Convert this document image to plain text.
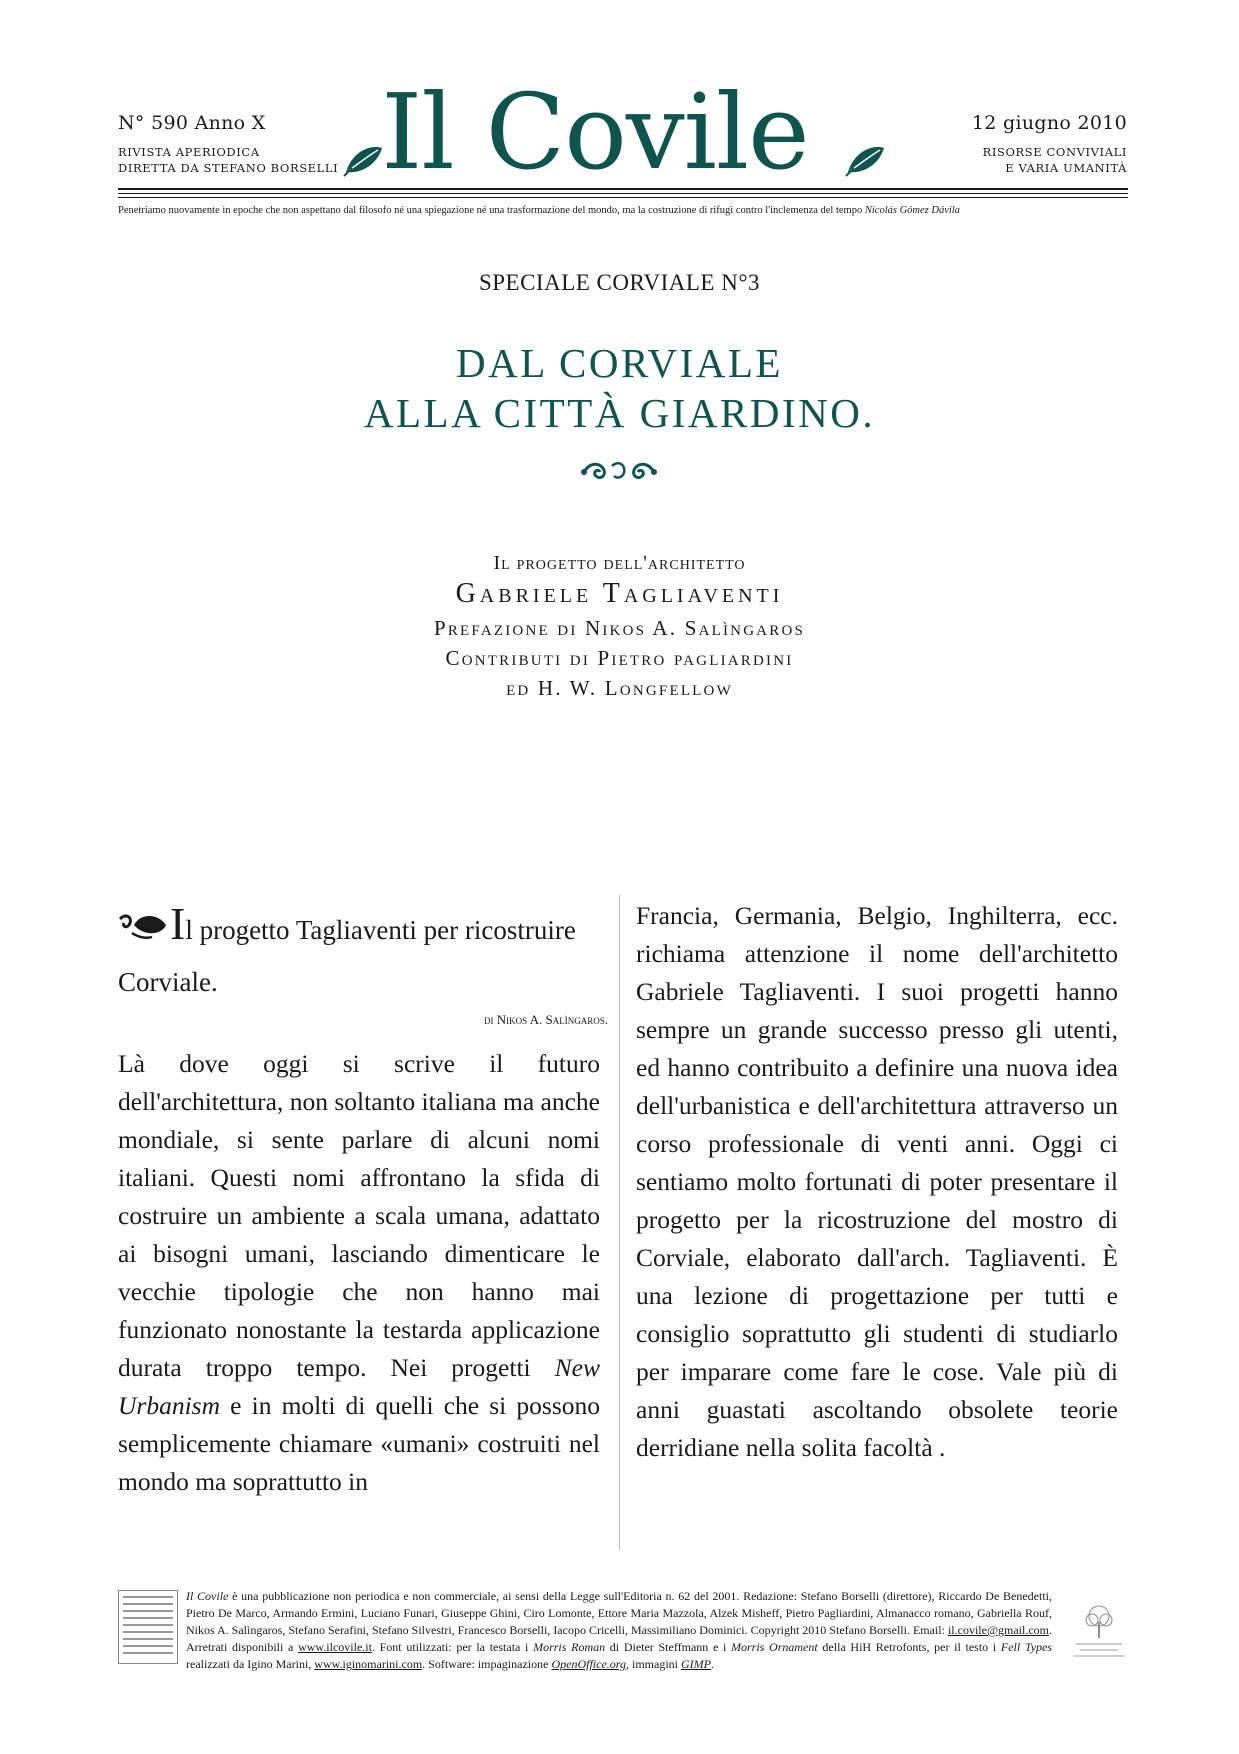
N° 590 Anno X
RIVISTA APERIODICA
DIRETTA DA STEFANO BORSELLI Il Covile	12 giugno 2010
RISORSE CONVIVIALI
E VARIA UMANITÀ
Penetriamo nuovamente in epoche che non aspettano dal filosofo né una spiegazione né una trasformazione del mondo, ma la costruzione di rifugi contro l'inclemenza del tempo Nicolás Gómez Dávila
SPECIALE CORVIALE N°3
DAL CORVIALE
ALLA CITTÀ GIARDINO.
Il progetto dell'architetto
Gabriele Tagliaventi
Prefazione di Nikos A. Salìngaros
Contributi di Pietro pagliardini
ed H. W. Longfellow
Il progetto Tagliaventi per ricostruire Corviale.
di Nikos A. Salìngaros.
Là dove oggi si scrive il futuro dell'architettura, non soltanto italiana ma anche mondiale, si sente parlare di alcuni nomi italiani. Questi nomi affrontano la sfida di costruire un ambiente a scala umana, adattato ai bisogni umani, lasciando dimenticare le vecchie tipologie che non hanno mai funzionato nonostante la testarda applicazione durata troppo tempo. Nei progetti New Urbanism e in molti di quelli che si possono semplicemente chiamare «umani» costruiti nel mondo ma soprattutto in
Francia, Germania, Belgio, Inghilterra, ecc. richiama attenzione il nome dell'architetto Gabriele Tagliaventi. I suoi progetti hanno sempre un grande successo presso gli utenti, ed hanno contribuito a definire una nuova idea dell'urbanistica e dell'architettura attraverso un corso professionale di venti anni. Oggi ci sentiamo molto fortunati di poter presentare il progetto per la ricostruzione del mostro di Corviale, elaborato dall'arch. Tagliaventi. È una lezione di progettazione per tutti e consiglio soprattutto gli studenti di studiarlo per imparare come fare le cose. Vale più di anni guastati ascoltando obsolete teorie derridiane nella solita facoltà .
Il Covile è una pubblicazione non periodica e non commerciale, ai sensi della Legge sull'Editoria n. 62 del 2001. Redazione: Stefano Borselli (direttore), Riccardo De Benedetti, Pietro De Marco, Armando Ermini, Luciano Funari, Giuseppe Ghini, Ciro Lomonte, Ettore Maria Mazzola, Alzek Misheff, Pietro Pagliardini, Almanacco romano, Gabriella Rouf, Nikos A. Salìngaros, Stefano Serafini, Stefano Silvestri, Francesco Borselli, Iacopo Cricelli, Massimiliano Dominici. Copyright 2010 Stefano Borselli. Email: il.covile@gmail.com. Arretrati disponibili a www.ilcovile.it. Font utilizzati: per la testata i Morris Roman di Dieter Steffmann e i Morris Ornament della HiH Retrofonts, per il testo i Fell Types realizzati da Igino Marini, www.iginomarini.com. Software: impaginazione OpenOffice.org, immagini GIMP.
